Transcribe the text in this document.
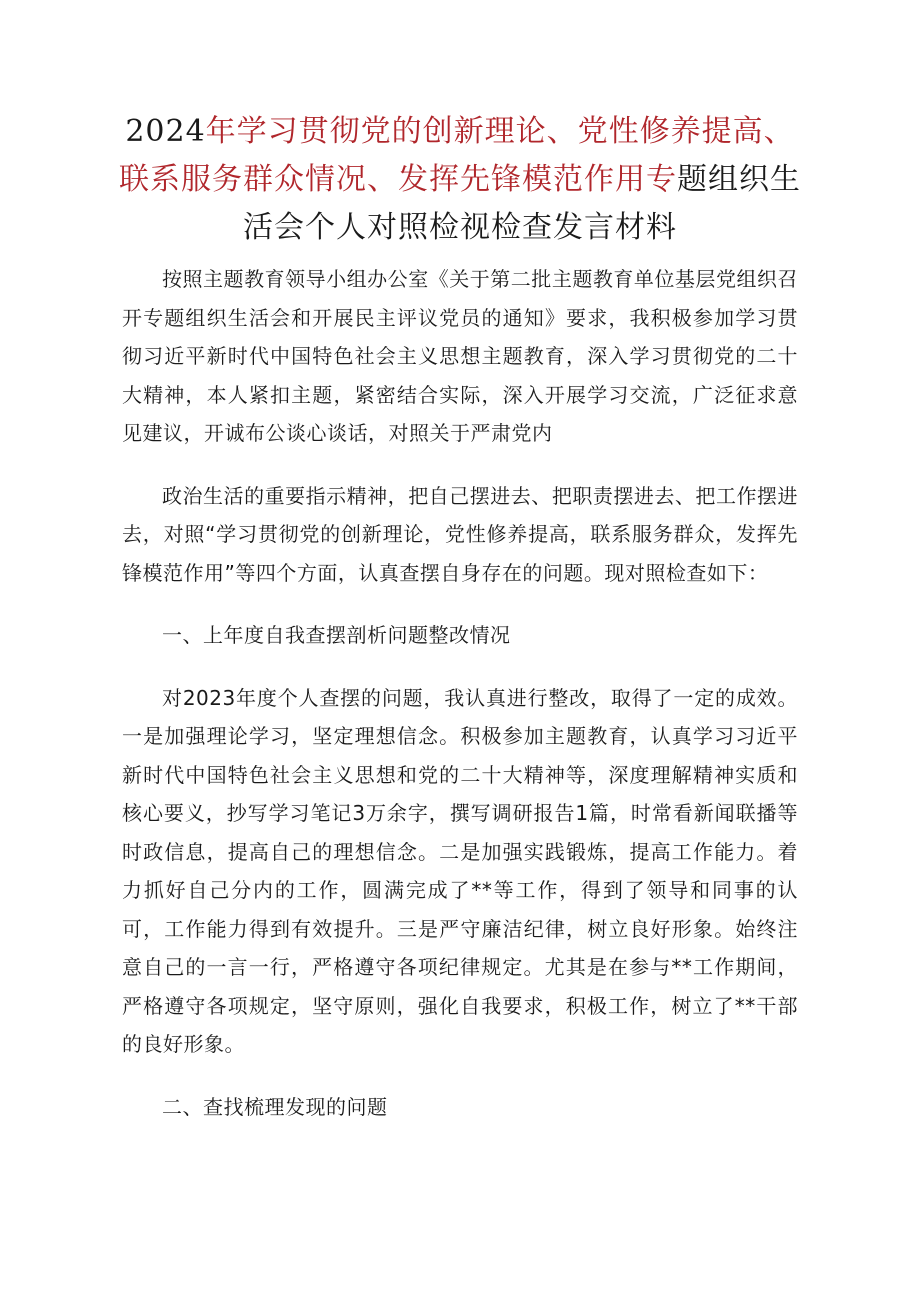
2024年学习贯彻党的创新理论、党性修养提高、联系服务群众情况、发挥先锋模范作用专题组织生活会个人对照检视检查发言材料

按照主题教育领导小组办公室《关于第二批主题教育单位基层党组织召开专题组织生活会和开展民主评议党员的通知》要求，我积极参加学习贯彻习近平新时代中国特色社会主义思想主题教育，深入学习贯彻党的二十大精神，本人紧扣主题，紧密结合实际，深入开展学习交流，广泛征求意见建议，开诚布公谈心谈话，对照关于严肃党内

政治生活的重要指示精神，把自己摆进去、把职责摆进去、把工作摆进去，对照“学习贯彻党的创新理论，党性修养提高，联系服务群众，发挥先锋模范作用”等四个方面，认真查摆自身存在的问题。现对照检查如下：

一、上年度自我查摆剖析问题整改情况

对2023年度个人查摆的问题，我认真进行整改，取得了一定的成效。一是加强理论学习，坚定理想信念。积极参加主题教育，认真学习习近平新时代中国特色社会主义思想和党的二十大精神等，深度理解精神实质和核心要义，抄写学习笔记3万余字，撰写调研报告1篇，时常看新闻联播等时政信息，提高自己的理想信念。二是加强实践锻炼，提高工作能力。着力抓好自己分内的工作，圆满完成了**等工作，得到了领导和同事的认可，工作能力得到有效提升。三是严守廉洁纪律，树立良好形象。始终注意自己的一言一行，严格遵守各项纪律规定。尤其是在参与**工作期间，严格遵守各项规定，坚守原则，强化自我要求，积极工作，树立了**干部的良好形象。

二、查找梳理发现的问题
